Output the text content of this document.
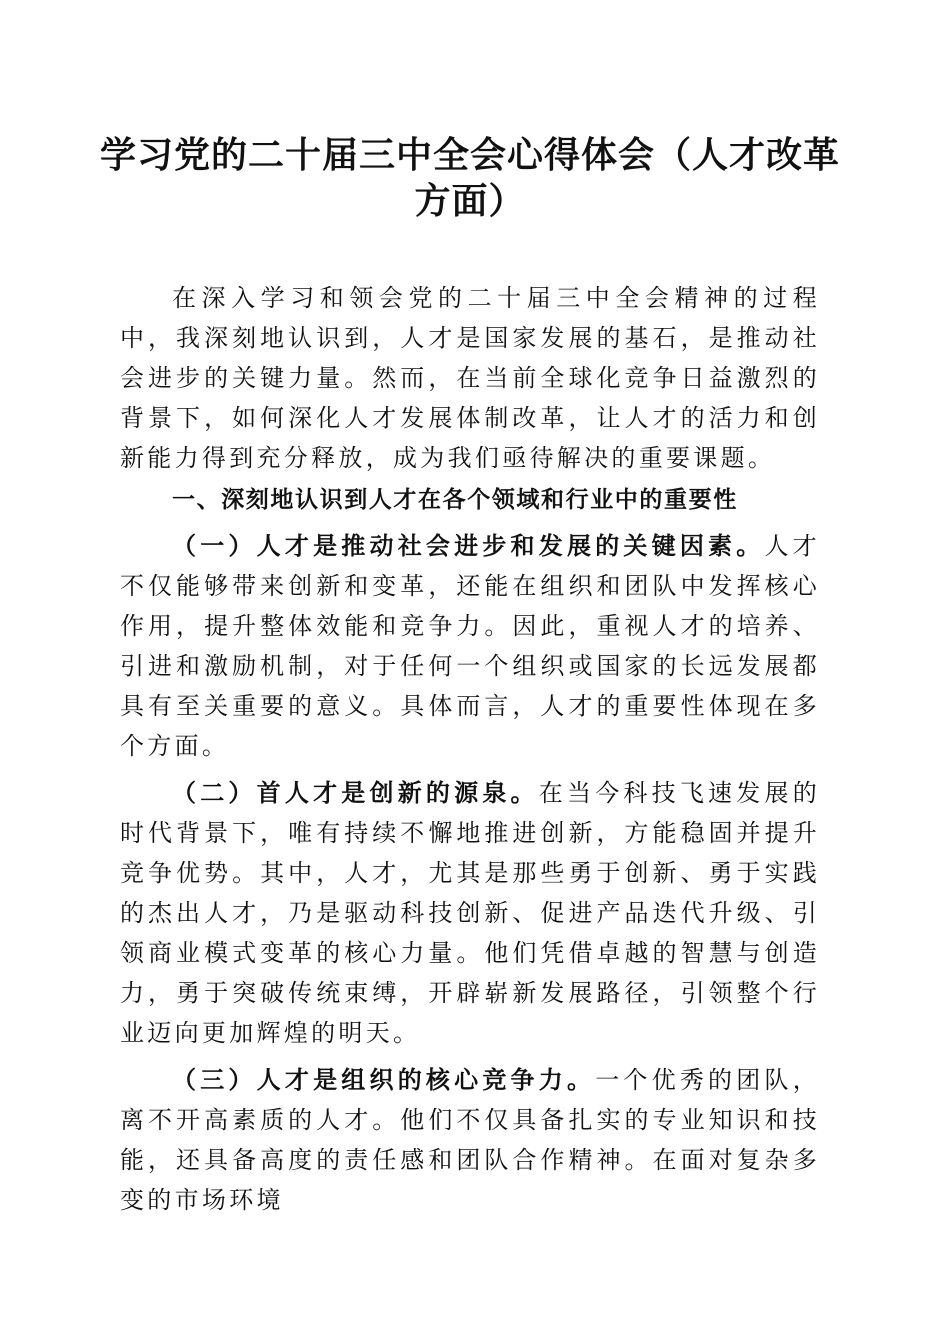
学习党的二十届三中全会心得体会（人才改革方面）

在深入学习和领会党的二十届三中全会精神的过程中，我深刻地认识到，人才是国家发展的基石，是推动社会进步的关键力量。然而，在当前全球化竞争日益激烈的背景下，如何深化人才发展体制改革，让人才的活力和创新能力得到充分释放，成为我们亟待解决的重要课题。

一、深刻地认识到人才在各个领域和行业中的重要性

（一）人才是推动社会进步和发展的关键因素。人才不仅能够带来创新和变革，还能在组织和团队中发挥核心作用，提升整体效能和竞争力。因此，重视人才的培养、引进和激励机制，对于任何一个组织或国家的长远发展都具有至关重要的意义。具体而言，人才的重要性体现在多个方面。

（二）首人才是创新的源泉。在当今科技飞速发展的时代背景下，唯有持续不懈地推进创新，方能稳固并提升竞争优势。其中，人才，尤其是那些勇于创新、勇于实践的杰出人才，乃是驱动科技创新、促进产品迭代升级、引领商业模式变革的核心力量。他们凭借卓越的智慧与创造力，勇于突破传统束缚，开辟崭新发展路径，引领整个行业迈向更加辉煌的明天。

（三）人才是组织的核心竞争力。一个优秀的团队，离不开高素质的人才。他们不仅具备扎实的专业知识和技能，还具备高度的责任感和团队合作精神。在面对复杂多变的市场环境
